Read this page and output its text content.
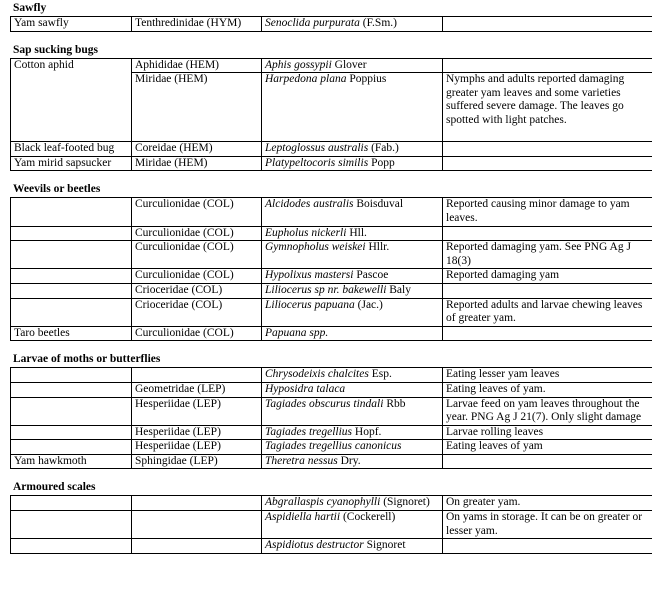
Sawfly
Yam sawfly	Tenthredinidae (HYM)	Senoclida purpurata (F.Sm.)	
Sap sucking bugs
Cotton aphid	Aphididae (HEM)	Aphis gossypii Glover	
	Miridae (HEM)	Harpedona plana Poppius	Nymphs and adults reported damaging greater yam leaves and some varieties suffered severe damage. The leaves go spotted with light patches.
Black leaf-footed bug	Coreidae (HEM)	Leptoglossus australis (Fab.)	
Yam mirid sapsucker	Miridae (HEM)	Platypeltocoris similis Popp	
Weevils or beetles
	Curculionidae (COL)	Alcidodes australis Boisduval	Reported causing minor damage to yam leaves.
	Curculionidae (COL)	Eupholus nickerli Hll.	
	Curculionidae (COL)	Gymnopholus weiskei Hllr.	Reported damaging yam. See PNG Ag J 18(3)
	Curculionidae (COL)	Hypolixus mastersi Pascoe	Reported damaging yam
	Crioceridae (COL)	Liliocerus sp nr. bakewelli Baly	
	Crioceridae (COL)	Liliocerus papuana (Jac.)	Reported adults and larvae chewing leaves of greater yam.
Taro beetles	Curculionidae (COL)	Papuana spp.	
Larvae of moths or butterflies
		Chrysodeixis chalcites Esp.	Eating lesser yam leaves
	Geometridae (LEP)	Hyposidra talaca	Eating leaves of yam.
	Hesperiidae (LEP)	Tagiades obscurus tindali Rbb	Larvae feed on yam leaves throughout the year. PNG Ag J 21(7). Only slight damage
	Hesperiidae (LEP)	Tagiades tregellius Hopf.	Larvae rolling leaves
	Hesperiidae (LEP)	Tagiades tregellius canonicus	Eating leaves of yam
Yam hawkmoth	Sphingidae (LEP)	Theretra nessus Dry.	
Armoured scales
		Abgrallaspis cyanophylli (Signoret)	On greater yam.
		Aspidiella hartii (Cockerell)	On yams in storage. It can be on greater or lesser yam.
		Aspidiotus destructor Signoret	
